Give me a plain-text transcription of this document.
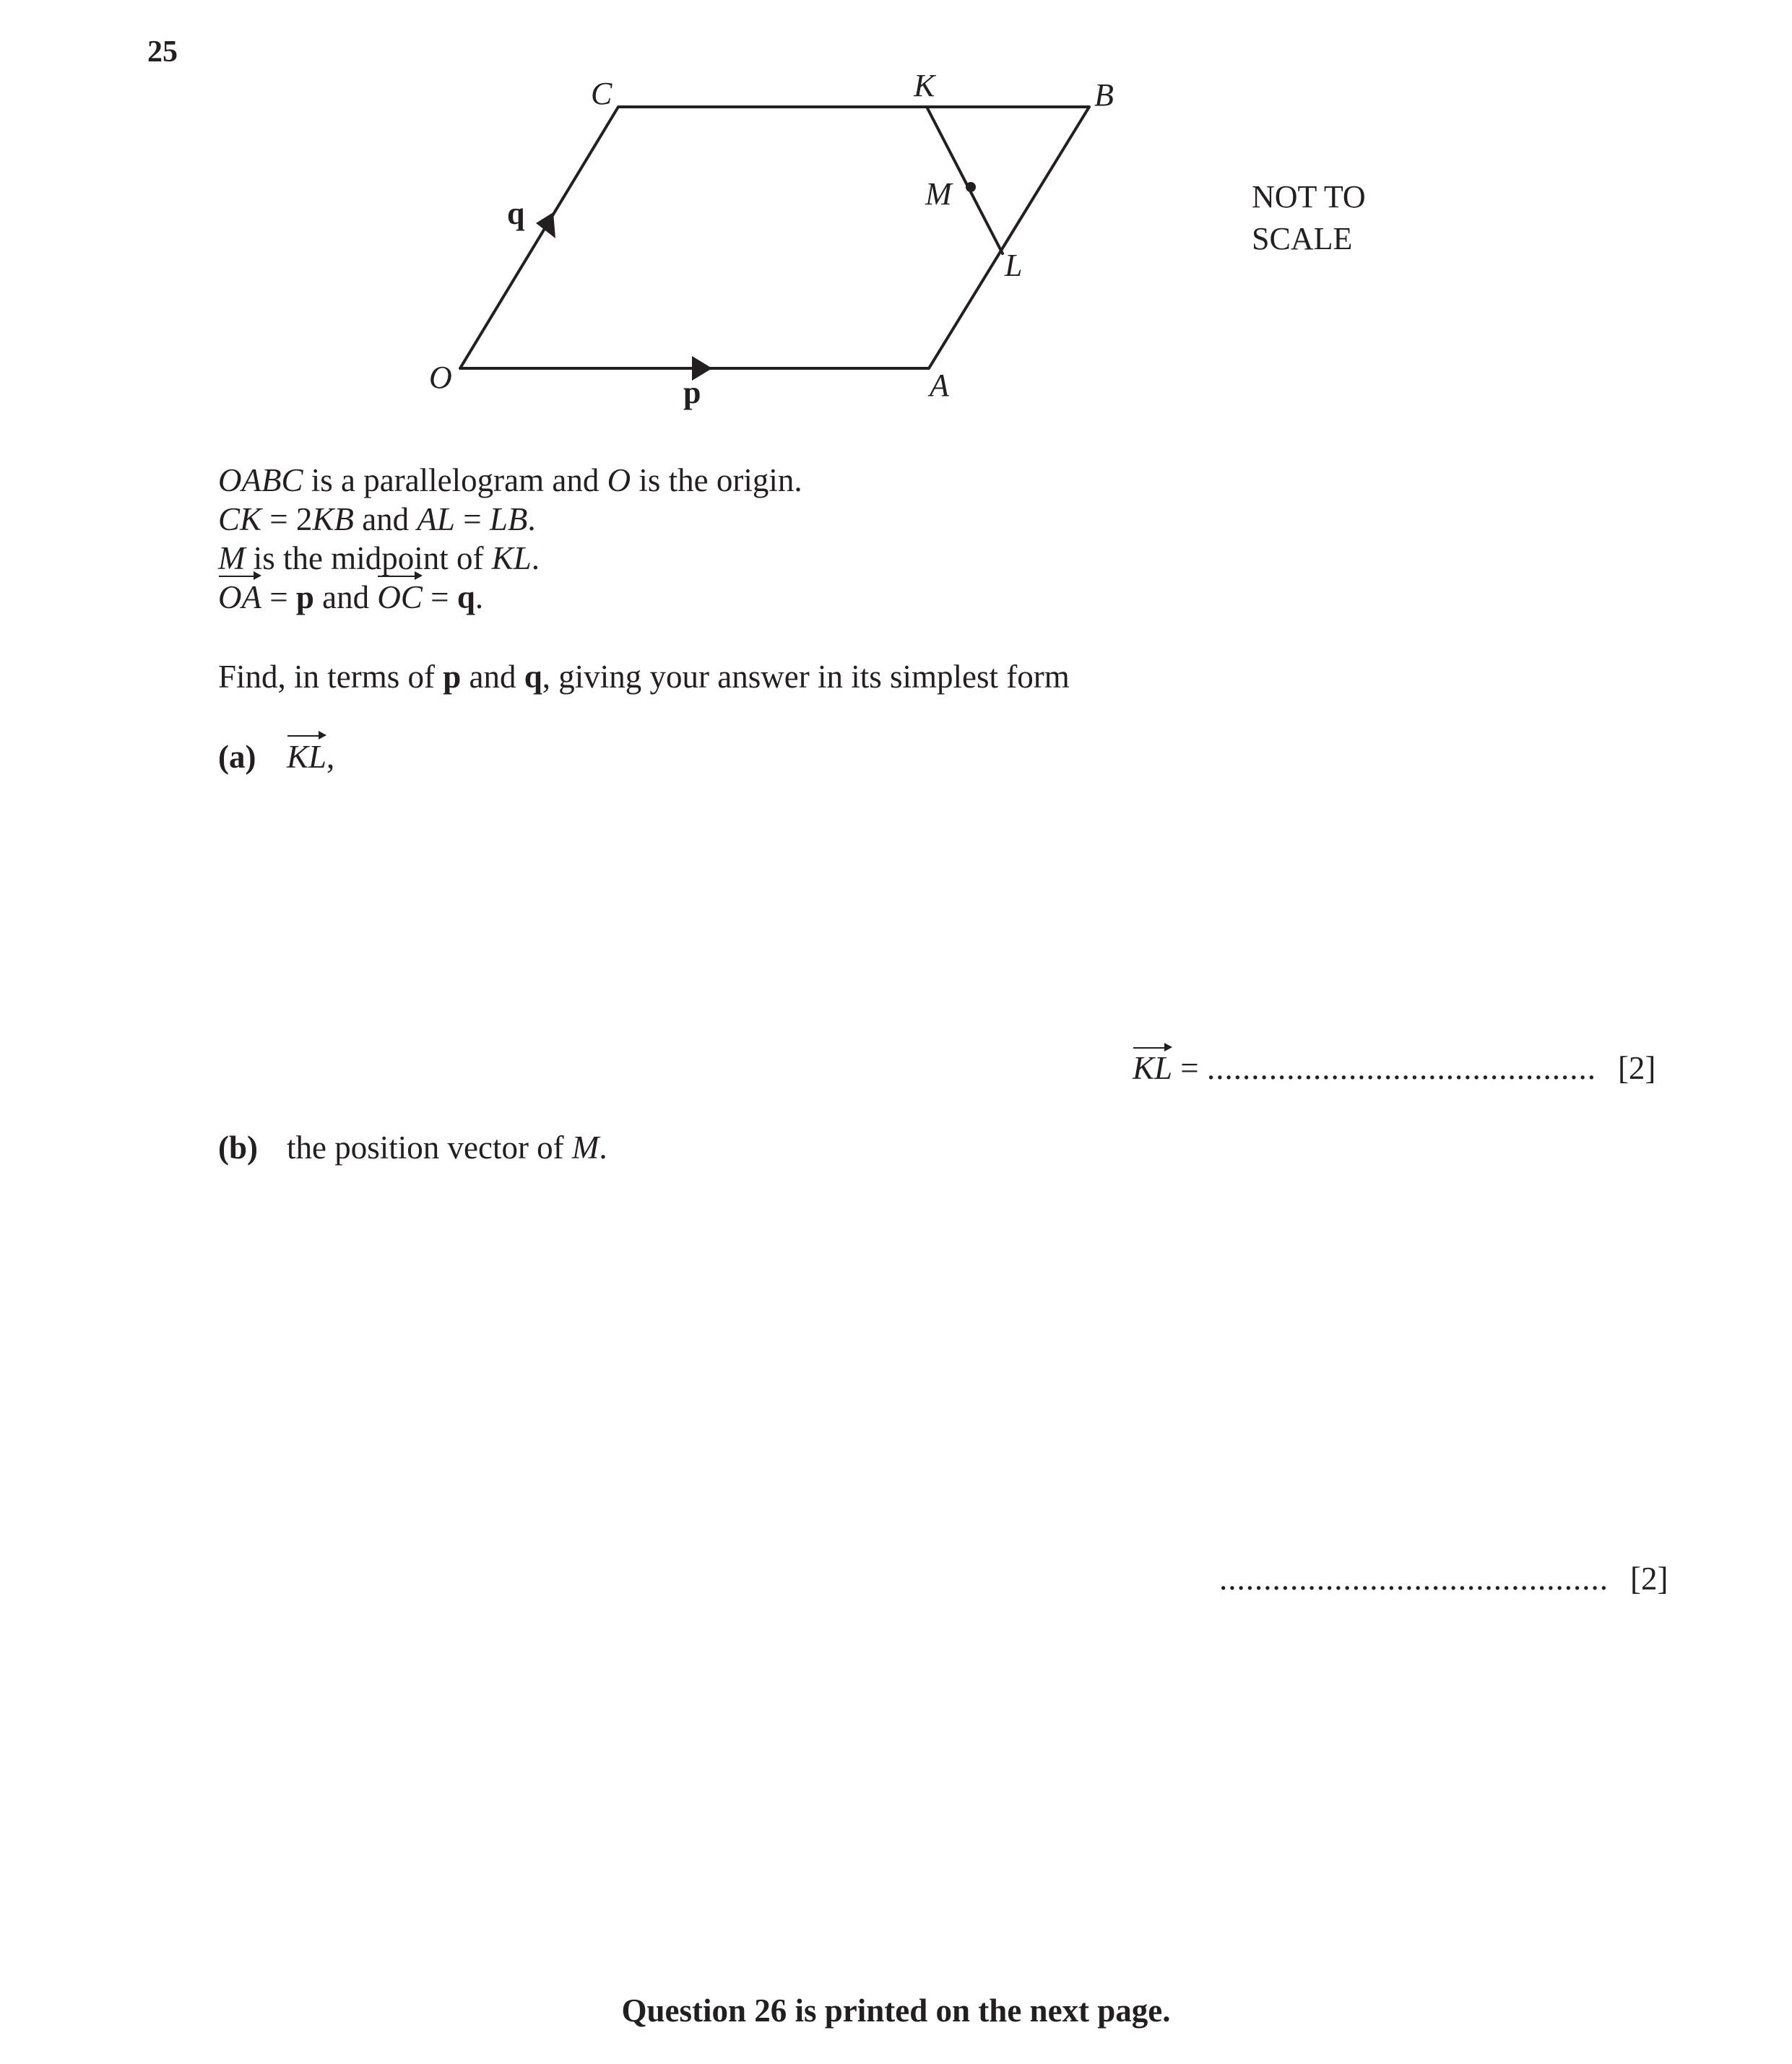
25
O	A
B
C	K
L
M
p
q	NOT TO
SCALE
OABC is a parallelogram and O is the origin.
CK = 2KB and AL = LB.
M is the midpoint of KL.
OA = p and OC = q.
Find, in terms of p and q, giving your answer in its simplest form
(a) KL,
KL = ............................................ [2]
(b) the position vector of M.
............................................ [2]
Question 26 is printed on the next page.
